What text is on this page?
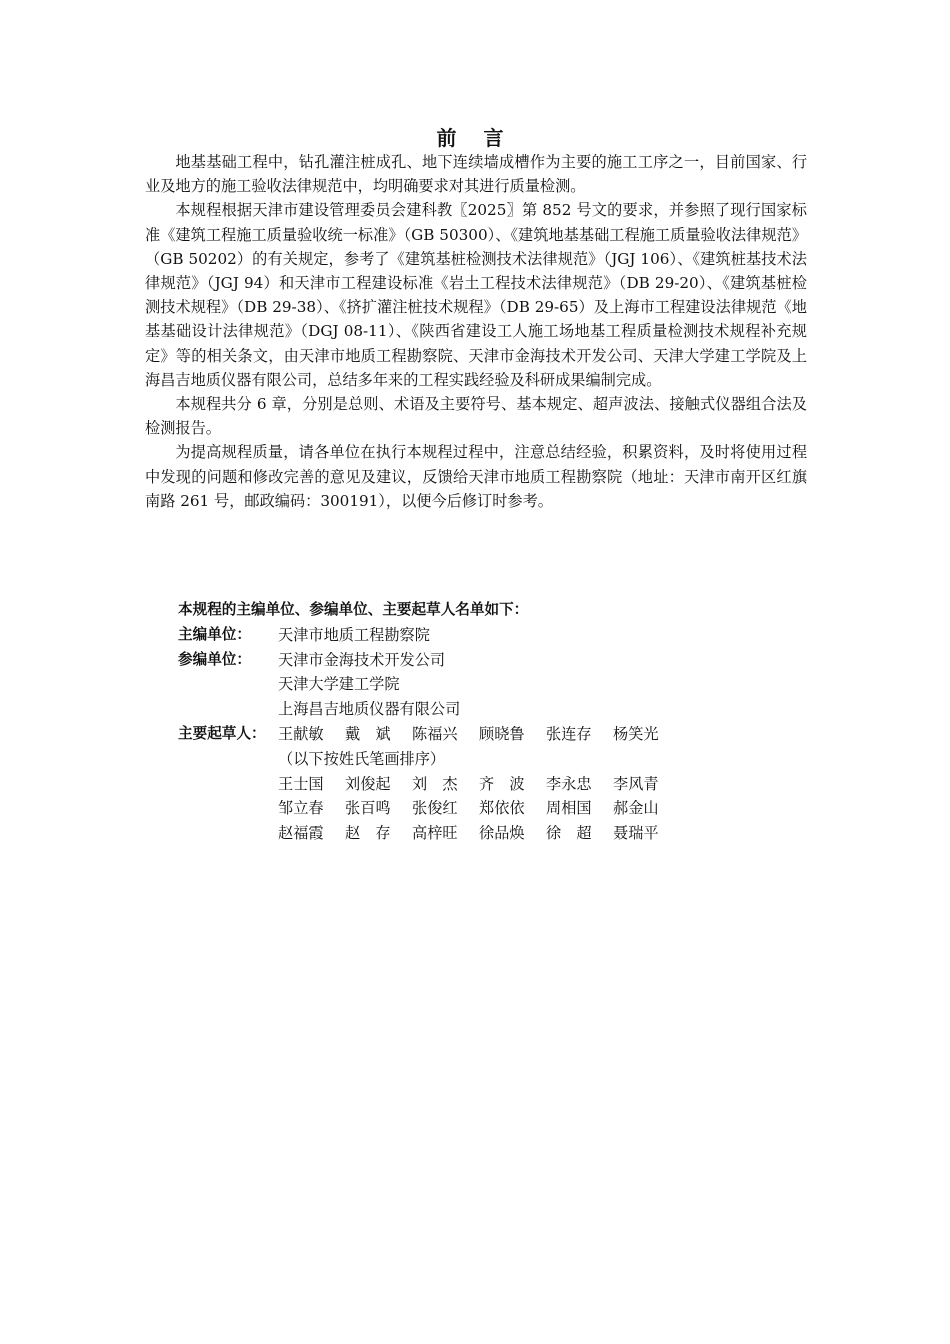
前 言

地基基础工程中，钻孔灌注桩成孔、地下连续墙成槽作为主要的施工工序之一，目前国家、行业及地方的施工验收法律规范中，均明确要求对其进行质量检测。

本规程根据天津市建设管理委员会建科教〖2025〗第 852 号文的要求，并参照了现行国家标准《建筑工程施工质量验收统一标准》（GB 50300）、《建筑地基基础工程施工质量验收法律规范》（GB 50202）的有关规定，参考了《建筑基桩检测技术法律规范》（JGJ 106）、《建筑桩基技术法律规范》（JGJ 94）和天津市工程建设标准《岩土工程技术法律规范》（DB 29-20）、《建筑基桩检测技术规程》（DB 29-38）、《挤扩灌注桩技术规程》（DB 29-65）及上海市工程建设法律规范《地基基础设计法律规范》（DGJ 08-11）、《陕西省建设工人施工场地基工程质量检测技术规程补充规定》等的相关条文，由天津市地质工程勘察院、天津市金海技术开发公司、天津大学建工学院及上海昌吉地质仪器有限公司，总结多年来的工程实践经验及科研成果编制完成。

本规程共分 6 章，分别是总则、术语及主要符号、基本规定、超声波法、接触式仪器组合法及检测报告。

为提高规程质量，请各单位在执行本规程过程中，注意总结经验，积累资料，及时将使用过程中发现的问题和修改完善的意见及建议，反馈给天津市地质工程勘察院（地址：天津市南开区红旗南路 261 号，邮政编码：300191），以便今后修订时参考。

本规程的主编单位、参编单位、主要起草人名单如下：
主编单位：	天津市地质工程勘察院
参编单位：	天津市金海技术开发公司
天津大学建工学院
上海昌吉地质仪器有限公司
主要起草人： 王献敏	戴　斌	陈福兴	顾晓鲁	张连存	杨笑光
（以下按姓氏笔画排序）
王士国	刘俊起	刘　杰	齐　波	李永忠	李风青
邹立春	张百鸣	张俊红	郑依依	周相国	郝金山
赵福霞	赵　存	高梓旺	徐品焕	徐　超	聂瑞平
